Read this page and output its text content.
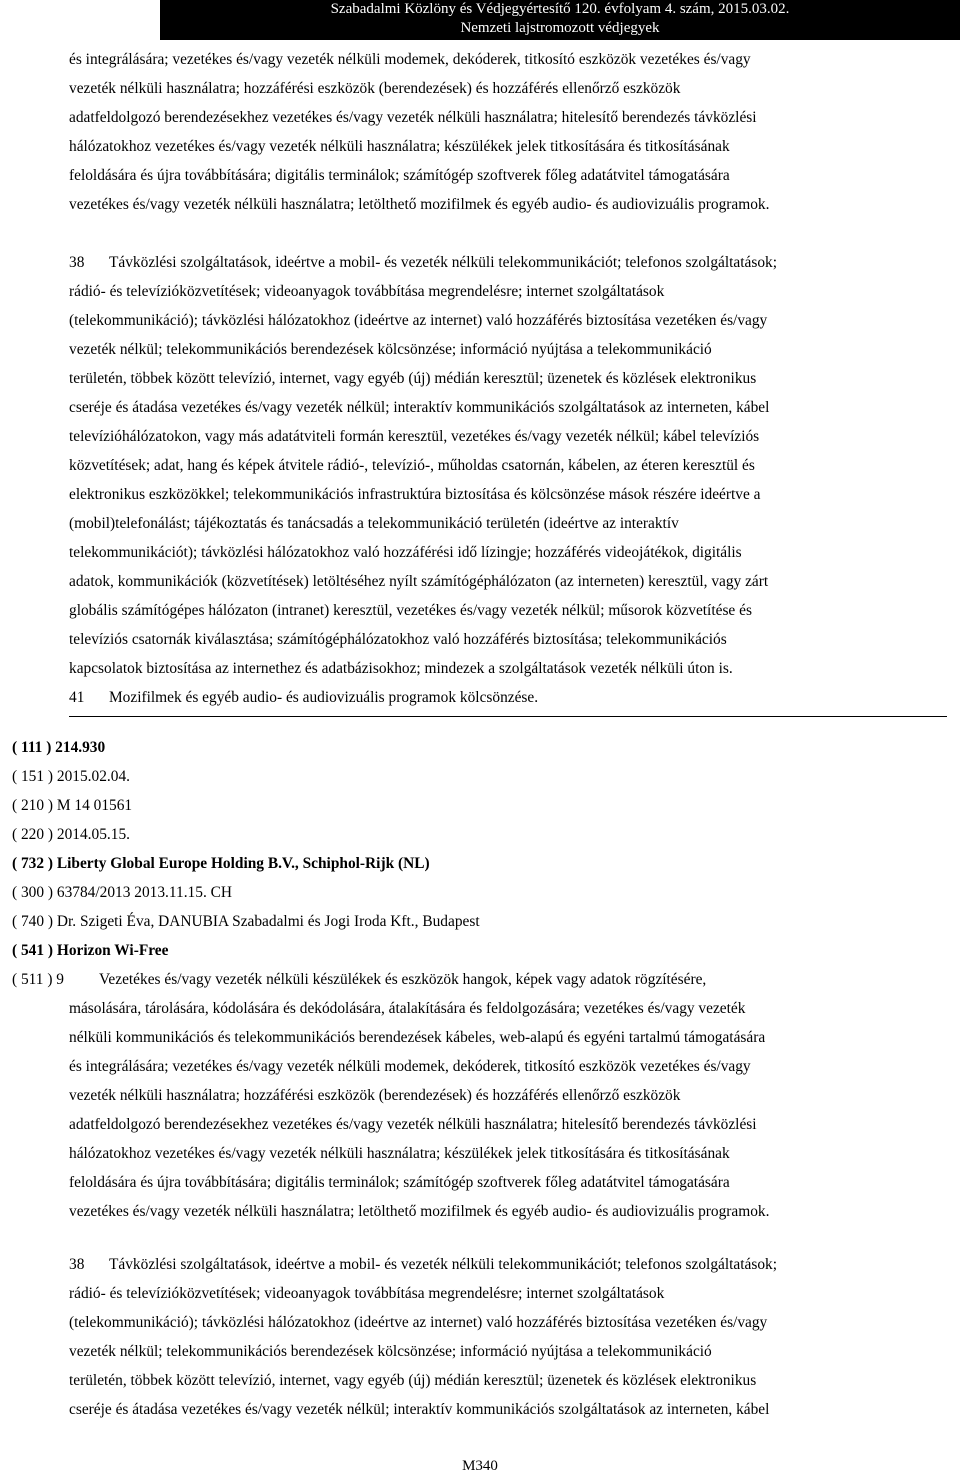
Szabadalmi Közlöny és Védjegyértesítő 120. évfolyam 4. szám, 2015.03.02.
Nemzeti lajstromozott védjegyek
és integrálására; vezetékes és/vagy vezeték nélküli modemek, dekóderek, titkosító eszközök vezetékes és/vagy
vezeték nélküli használatra; hozzáférési eszközök (berendezések) és hozzáférés ellenőrző eszközök
adatfeldolgozó berendezésekhez vezetékes és/vagy vezeték nélküli használatra; hitelesítő berendezés távközlési
hálózatokhoz vezetékes és/vagy vezeték nélküli használatra; készülékek jelek titkosítására és titkosításának
feloldására és újra továbbítására; digitális terminálok; számítógép szoftverek főleg adatátvitel támogatására
vezetékes és/vagy vezeték nélküli használatra; letölthető mozifilmek és egyéb audio- és audiovizuális programok.
38 Távközlési szolgáltatások, ideértve a mobil- és vezeték nélküli telekommunikációt; telefonos szolgáltatások;
rádió- és televízióközvetítések; videoanyagok továbbítása megrendelésre; internet szolgáltatások
(telekommunikáció); távközlési hálózatokhoz (ideértve az internet) való hozzáférés biztosítása vezetéken és/vagy
vezeték nélkül; telekommunikációs berendezések kölcsönzése; információ nyújtása a telekommunikáció
területén, többek között televízió, internet, vagy egyéb (új) médián keresztül; üzenetek és közlések elektronikus
cseréje és átadása vezetékes és/vagy vezeték nélkül; interaktív kommunikációs szolgáltatások az interneten, kábel
televízióhálózatokon, vagy más adatátviteli formán keresztül, vezetékes és/vagy vezeték nélkül; kábel televíziós
közvetítések; adat, hang és képek átvitele rádió-, televízió-, műholdas csatornán, kábelen, az éteren keresztül és
elektronikus eszközökkel; telekommunikációs infrastruktúra biztosítása és kölcsönzése mások részére ideértve a
(mobil)telefonálást; tájékoztatás és tanácsadás a telekommunikáció területén (ideértve az interaktív
telekommunikációt); távközlési hálózatokhoz való hozzáférési idő lízingje; hozzáférés videojátékok, digitális
adatok, kommunikációk (közvetítések) letöltéséhez nyílt számítógéphálózaton (az interneten) keresztül, vagy zárt
globális számítógépes hálózaton (intranet) keresztül, vezetékes és/vagy vezeték nélkül; műsorok közvetítése és
televíziós csatornák kiválasztása; számítógéphálózatokhoz való hozzáférés biztosítása; telekommunikációs
kapcsolatok biztosítása az internethez és adatbázisokhoz; mindezek a szolgáltatások vezeték nélküli úton is.
41 Mozifilmek és egyéb audio- és audiovizuális programok kölcsönzése.
( 111 ) 214.930
( 151 ) 2015.02.04.
( 210 ) M 14 01561
( 220 ) 2014.05.15.
( 732 ) Liberty Global Europe Holding B.V., Schiphol-Rijk (NL)
( 300 ) 63784/2013 2013.11.15. CH
( 740 ) Dr. Szigeti Éva, DANUBIA Szabadalmi és Jogi Iroda Kft., Budapest
( 541 ) Horizon Wi-Free
( 511 ) 9 Vezetékes és/vagy vezeték nélküli készülékek és eszközök hangok, képek vagy adatok rögzítésére,
másolására, tárolására, kódolására és dekódolására, átalakítására és feldolgozására; vezetékes és/vagy vezeték
nélküli kommunikációs és telekommunikációs berendezések kábeles, web-alapú és egyéni tartalmú támogatására
és integrálására; vezetékes és/vagy vezeték nélküli modemek, dekóderek, titkosító eszközök vezetékes és/vagy
vezeték nélküli használatra; hozzáférési eszközök (berendezések) és hozzáférés ellenőrző eszközök
adatfeldolgozó berendezésekhez vezetékes és/vagy vezeték nélküli használatra; hitelesítő berendezés távközlési
hálózatokhoz vezetékes és/vagy vezeték nélküli használatra; készülékek jelek titkosítására és titkosításának
feloldására és újra továbbítására; digitális terminálok; számítógép szoftverek főleg adatátvitel támogatására
vezetékes és/vagy vezeték nélküli használatra; letölthető mozifilmek és egyéb audio- és audiovizuális programok.
38 Távközlési szolgáltatások, ideértve a mobil- és vezeték nélküli telekommunikációt; telefonos szolgáltatások;
rádió- és televízióközvetítések; videoanyagok továbbítása megrendelésre; internet szolgáltatások
(telekommunikáció); távközlési hálózatokhoz (ideértve az internet) való hozzáférés biztosítása vezetéken és/vagy
vezeték nélkül; telekommunikációs berendezések kölcsönzése; információ nyújtása a telekommunikáció
területén, többek között televízió, internet, vagy egyéb (új) médián keresztül; üzenetek és közlések elektronikus
cseréje és átadása vezetékes és/vagy vezeték nélkül; interaktív kommunikációs szolgáltatások az interneten, kábel
M340
